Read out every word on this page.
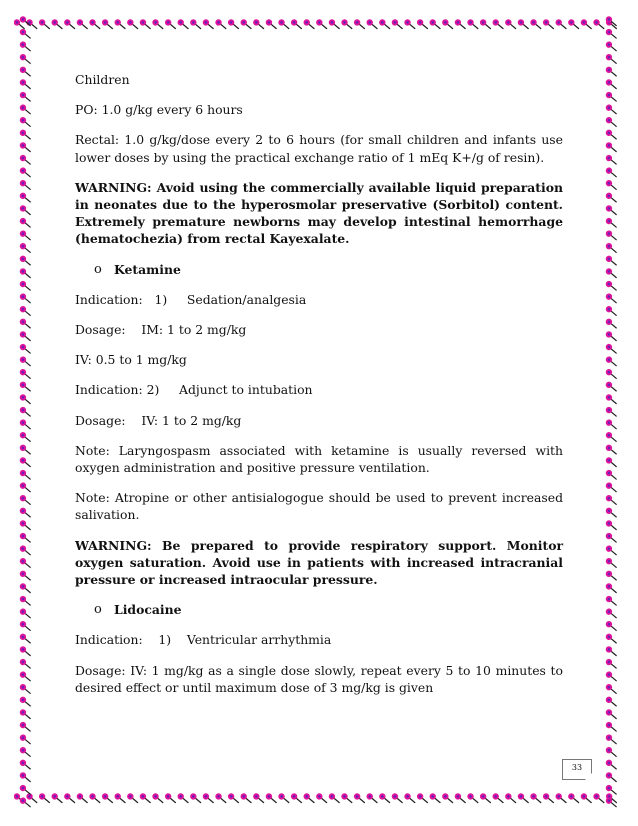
Children

PO: 1.0 g/kg every 6 hours

Rectal: 1.0 g/kg/dose every 2 to 6 hours (for small children and infants use lower doses by using the practical exchange ratio of 1 mEq K+/g of resin).

WARNING: Avoid using the commercially available liquid preparation in neonates due to the hyperosmolar preservative (Sorbitol) content. Extremely premature newborns may develop intestinal hemorrhage (hematochezia) from rectal Kayexalate.

o Ketamine

Indication:   1)     Sedation/analgesia

Dosage:    IM: 1 to 2 mg/kg

IV: 0.5 to 1 mg/kg

Indication: 2)     Adjunct to intubation

Dosage:    IV: 1 to 2 mg/kg

Note: Laryngospasm associated with ketamine is usually reversed with oxygen administration and positive pressure ventilation.

Note: Atropine or other antisialogogue should be used to prevent increased salivation.

WARNING: Be prepared to provide respiratory support. Monitor oxygen saturation. Avoid use in patients with increased intracranial pressure or increased intraocular pressure.

o Lidocaine

Indication:    1)    Ventricular arrhythmia

Dosage: IV: 1 mg/kg as a single dose slowly, repeat every 5 to 10 minutes to desired effect or until maximum dose of 3 mg/kg is given

33
